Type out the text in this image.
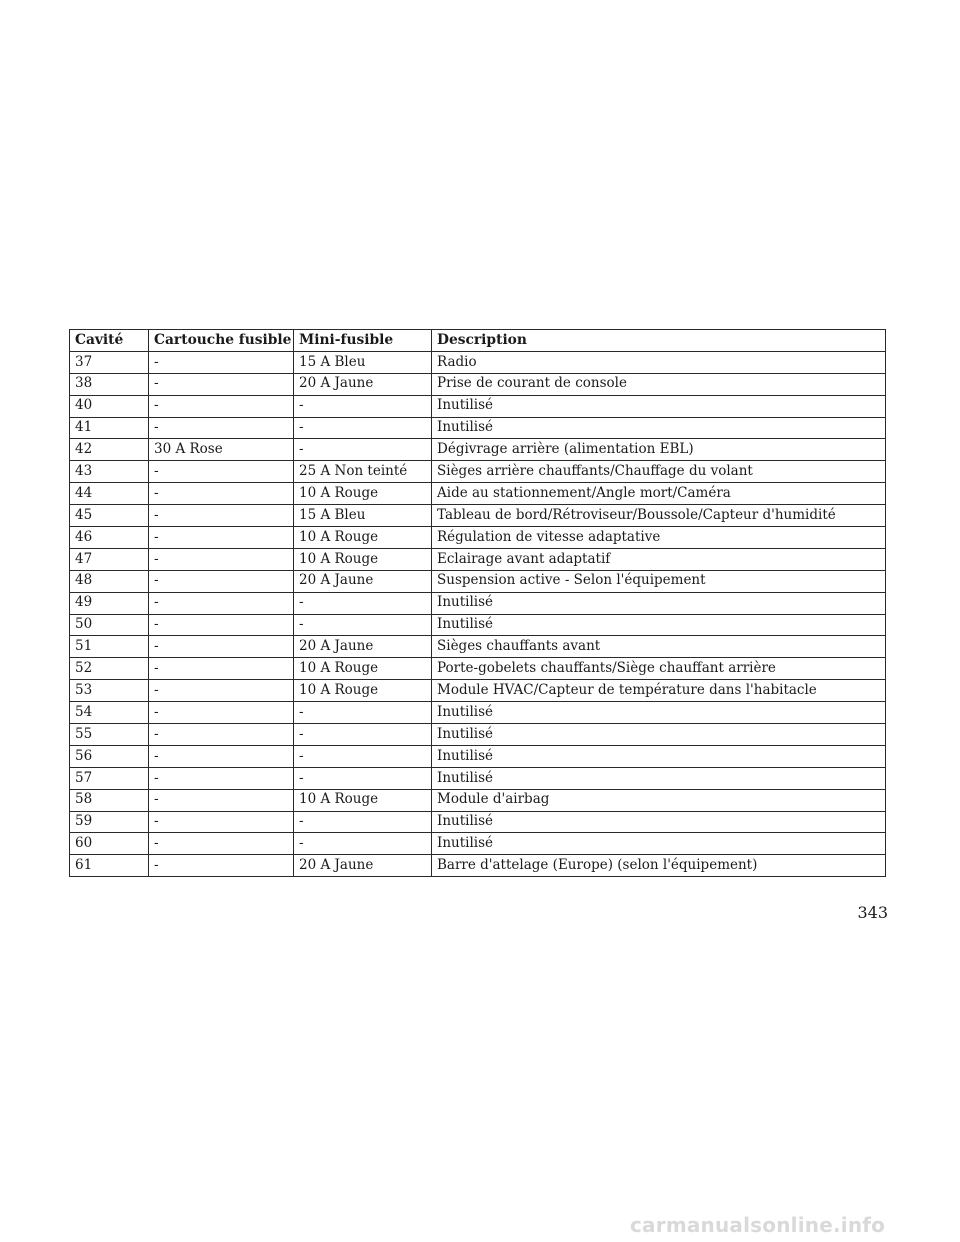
Cavité	Cartouche fusible	Mini-fusible	Description
37	-	15 A Bleu	Radio
38	-	20 A Jaune	Prise de courant de console
40	-	-	Inutilisé
41	-	-	Inutilisé
42	30 A Rose	-	Dégivrage arrière (alimentation EBL)
43	-	25 A Non teinté	Sièges arrière chauffants/Chauffage du volant
44	-	10 A Rouge	Aide au stationnement/Angle mort/Caméra
45	-	15 A Bleu	Tableau de bord/Rétroviseur/Boussole/Capteur d'humidité
46	-	10 A Rouge	Régulation de vitesse adaptative
47	-	10 A Rouge	Eclairage avant adaptatif
48	-	20 A Jaune	Suspension active - Selon l'équipement
49	-	-	Inutilisé
50	-	-	Inutilisé
51	-	20 A Jaune	Sièges chauffants avant
52	-	10 A Rouge	Porte-gobelets chauffants/Siège chauffant arrière
53	-	10 A Rouge	Module HVAC/Capteur de température dans l'habitacle
54	-	-	Inutilisé
55	-	-	Inutilisé
56	-	-	Inutilisé
57	-	-	Inutilisé
58	-	10 A Rouge	Module d'airbag
59	-	-	Inutilisé
60	-	-	Inutilisé
61	-	20 A Jaune	Barre d'attelage (Europe) (selon l'équipement)
343
carmanualsonline.info
